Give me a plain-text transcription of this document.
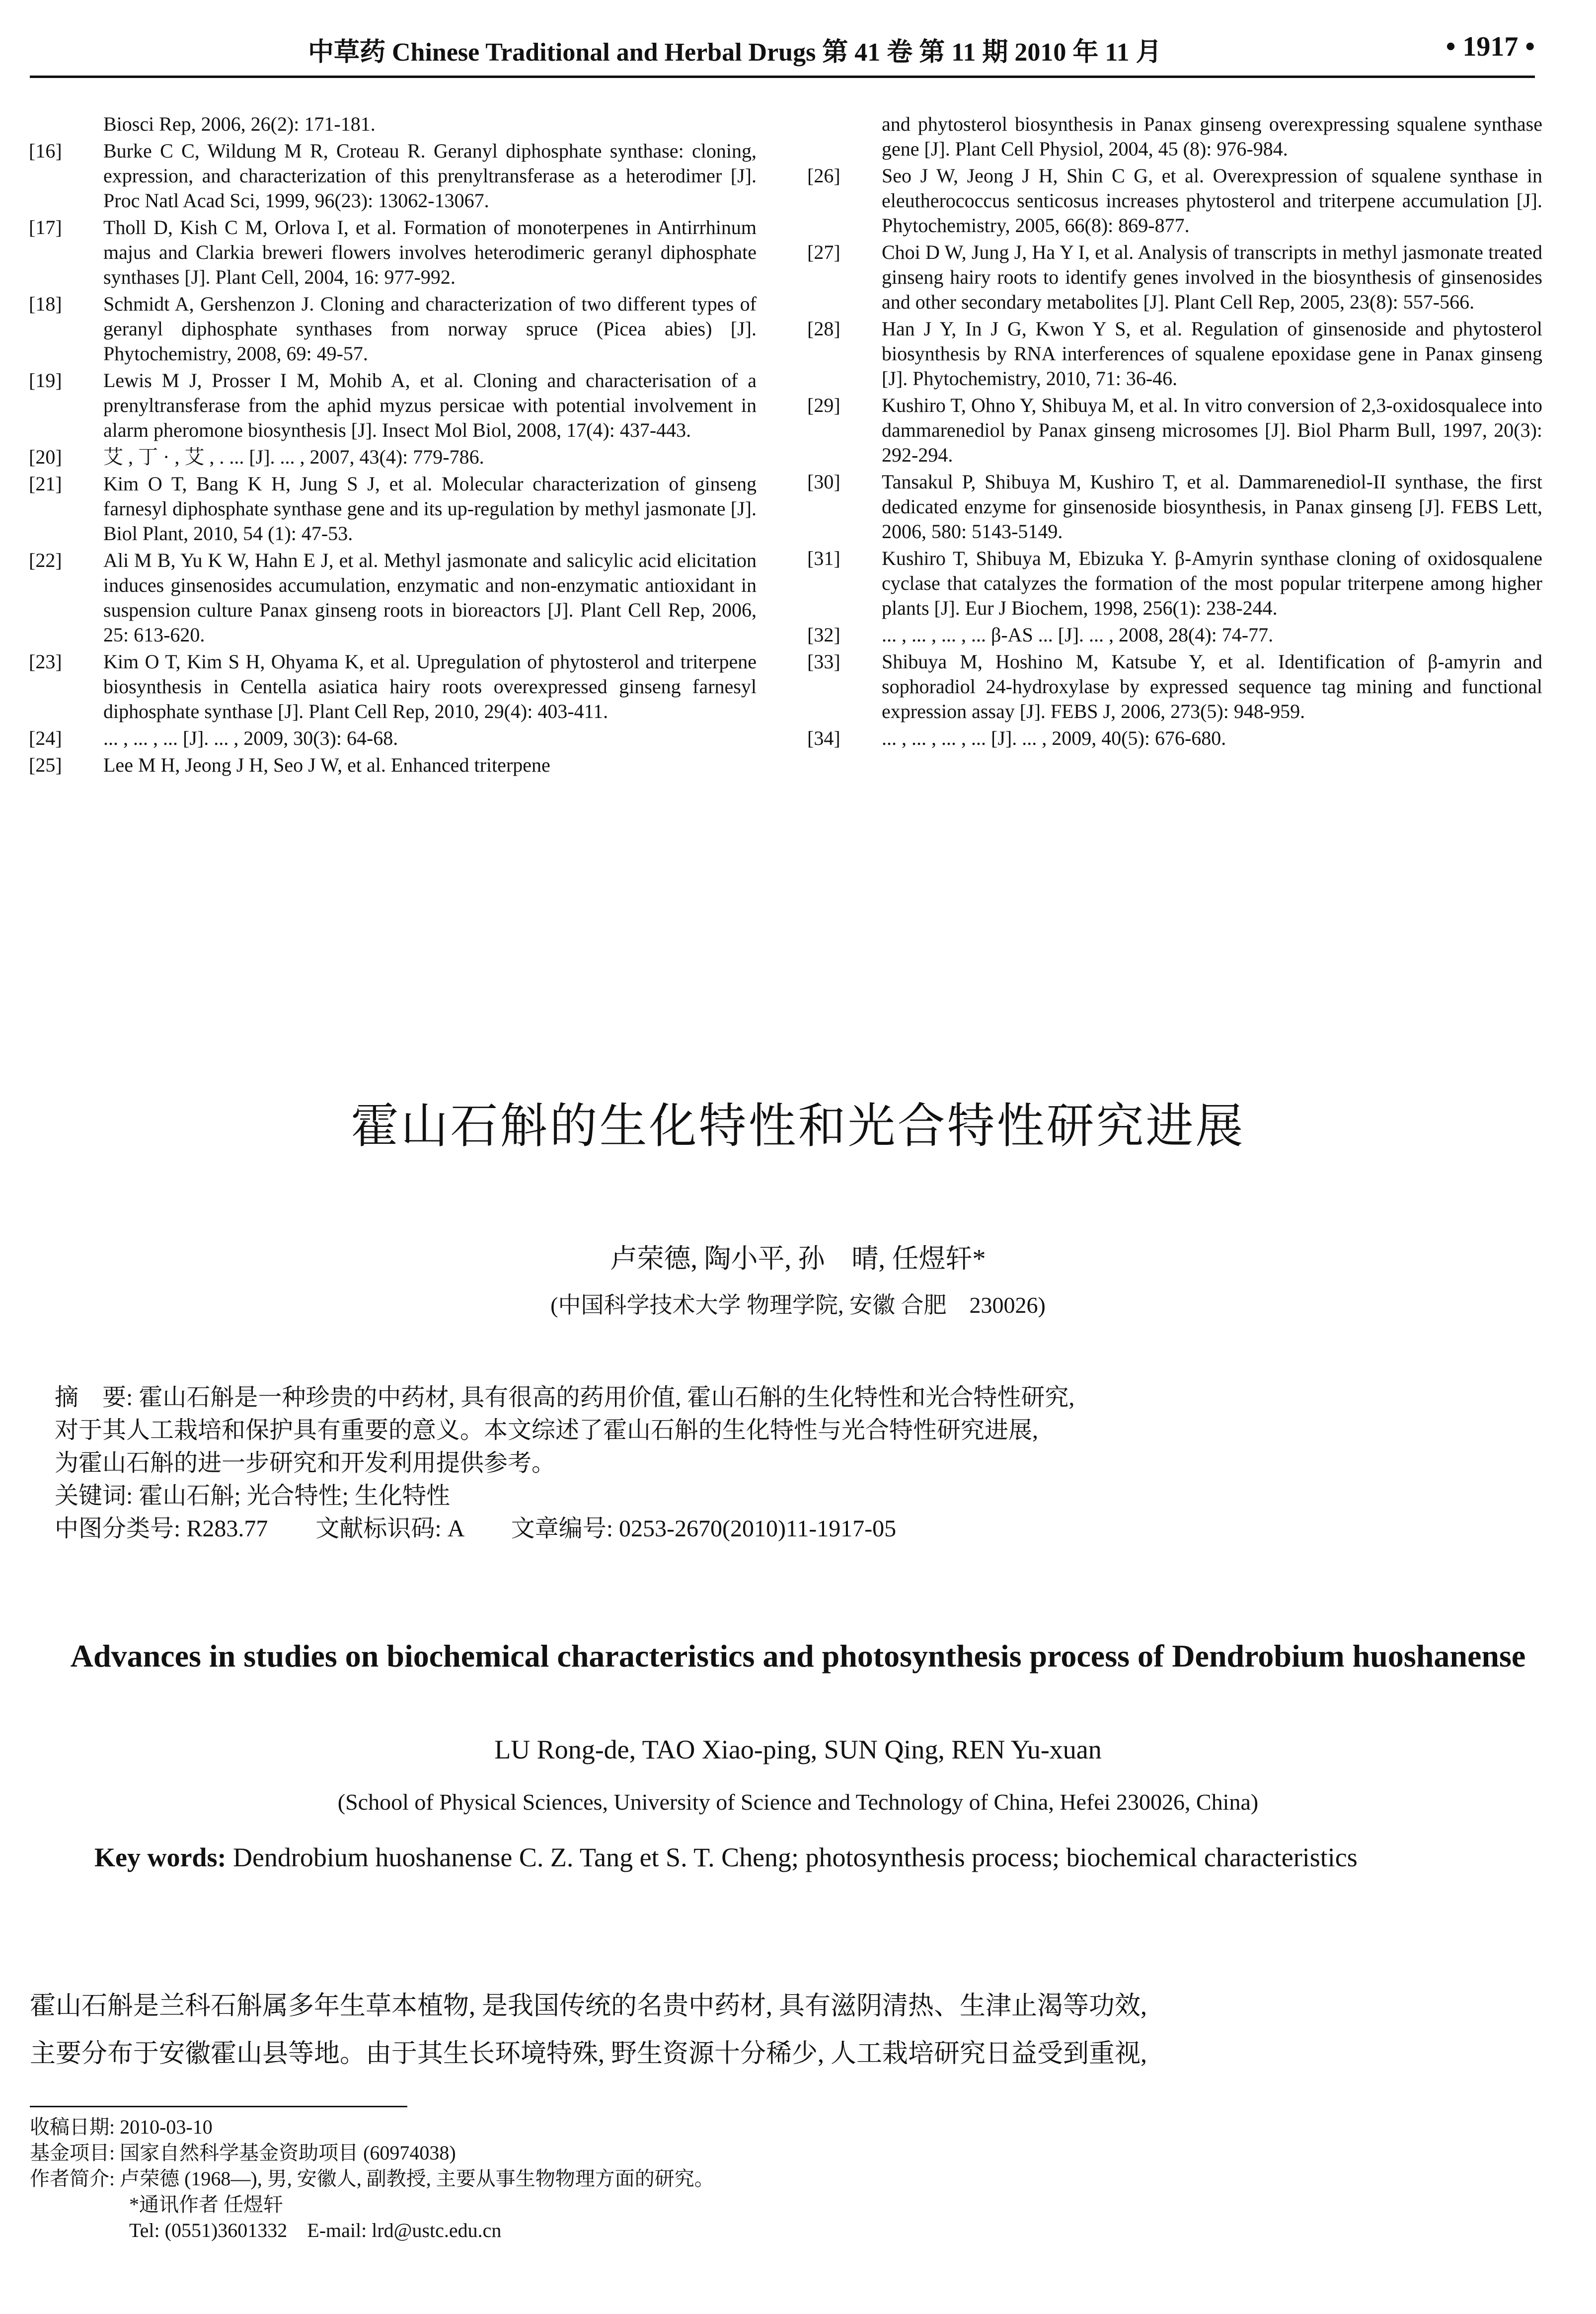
中草药 Chinese Traditional and Herbal Drugs 第 41 卷 第 11 期 2010 年 11 月	• 1917 •
Biosci Rep, 2006, 26(2): 171-181.
[16] Burke C C, Wildung M R, Croteau R. Geranyl diphosphate synthase: cloning, expression, and characterization of this prenyltransferase as a heterodimer [J]. Proc Natl Acad Sci, 1999, 96(23): 13062-13067.
[17] Tholl D, Kish C M, Orlova I, et al. Formation of monoterpenes in Antirrhinum majus and Clarkia breweri flowers involves heterodimeric geranyl diphosphate synthases [J]. Plant Cell, 2004, 16: 977-992.
[18] Schmidt A, Gershenzon J. Cloning and characterization of two different types of geranyl diphosphate synthases from norway spruce (Picea abies) [J]. Phytochemistry, 2008, 69: 49-57.
[19] Lewis M J, Prosser I M, Mohib A, et al. Cloning and characterisation of a prenyltransferase from the aphid myzus persicae with potential involvement in alarm pheromone biosynthesis [J]. Insect Mol Biol, 2008, 17(4): 437-443.
[20] 艾 , 丁 · , 艾 , . ... [J]. ... , 2007, 43(4): 779-786.
[21] Kim O T, Bang K H, Jung S J, et al. Molecular characterization of ginseng farnesyl diphosphate synthase gene and its up-regulation by methyl jasmonate [J]. Biol Plant, 2010, 54 (1): 47-53.
[22] Ali M B, Yu K W, Hahn E J, et al. Methyl jasmonate and salicylic acid elicitation induces ginsenosides accumulation, enzymatic and non-enzymatic antioxidant in suspension culture Panax ginseng roots in bioreactors [J]. Plant Cell Rep, 2006, 25: 613-620.
[23] Kim O T, Kim S H, Ohyama K, et al. Upregulation of phytosterol and triterpene biosynthesis in Centella asiatica hairy roots overexpressed ginseng farnesyl diphosphate synthase [J]. Plant Cell Rep, 2010, 29(4): 403-411.
[24] ... , ... , ... [J]. ... , 2009, 30(3): 64-68.
[25] Lee M H, Jeong J H, Seo J W, et al. Enhanced triterpene
and phytosterol biosynthesis in Panax ginseng overexpressing squalene synthase gene [J]. Plant Cell Physiol, 2004, 45 (8): 976-984.
[26] Seo J W, Jeong J H, Shin C G, et al. Overexpression of squalene synthase in eleutherococcus senticosus increases phytosterol and triterpene accumulation [J]. Phytochemistry, 2005, 66(8): 869-877.
[27] Choi D W, Jung J, Ha Y I, et al. Analysis of transcripts in methyl jasmonate treated ginseng hairy roots to identify genes involved in the biosynthesis of ginsenosides and other secondary metabolites [J]. Plant Cell Rep, 2005, 23(8): 557-566.
[28] Han J Y, In J G, Kwon Y S, et al. Regulation of ginsenoside and phytosterol biosynthesis by RNA interferences of squalene epoxidase gene in Panax ginseng [J]. Phytochemistry, 2010, 71: 36-46.
[29] Kushiro T, Ohno Y, Shibuya M, et al. In vitro conversion of 2,3-oxidosqualece into dammarenediol by Panax ginseng microsomes [J]. Biol Pharm Bull, 1997, 20(3): 292-294.
[30] Tansakul P, Shibuya M, Kushiro T, et al. Dammarenediol-II synthase, the first dedicated enzyme for ginsenoside biosynthesis, in Panax ginseng [J]. FEBS Lett, 2006, 580: 5143-5149.
[31] Kushiro T, Shibuya M, Ebizuka Y. β-Amyrin synthase cloning of oxidosqualene cyclase that catalyzes the formation of the most popular triterpene among higher plants [J]. Eur J Biochem, 1998, 256(1): 238-244.
[32] ... , ... , ... , ... β-AS ... [J]. ... , 2008, 28(4): 74-77.
[33] Shibuya M, Hoshino M, Katsube Y, et al. Identification of β-amyrin and sophoradiol 24-hydroxylase by expressed sequence tag mining and functional expression assay [J]. FEBS J, 2006, 273(5): 948-959.
[34] ... , ... , ... , ... [J]. ... , 2009, 40(5): 676-680.
霍山石斛的生化特性和光合特性研究进展
卢荣德, 陶小平, 孙　晴, 任煜轩*
(中国科学技术大学 物理学院, 安徽 合肥　230026)
摘　要: 霍山石斛是一种珍贵的中药材, 具有很高的药用价值, 霍山石斛的生化特性和光合特性研究,
对于其人工栽培和保护具有重要的意义。本文综述了霍山石斛的生化特性与光合特性研究进展,
为霍山石斛的进一步研究和开发利用提供参考。
关键词: 霍山石斛; 光合特性; 生化特性
中图分类号: R283.77　　文献标识码: A　　文章编号: 0253-2670(2010)11-1917-05
Advances in studies on biochemical characteristics and photosynthesis process of Dendrobium huoshanense
LU Rong-de, TAO Xiao-ping, SUN Qing, REN Yu-xuan
(School of Physical Sciences, University of Science and Technology of China, Hefei 230026, China)
Key words: Dendrobium huoshanense C. Z. Tang et S. T. Cheng; photosynthesis process; biochemical characteristics
霍山石斛是兰科石斛属多年生草本植物, 是我国传统的名贵中药材, 具有滋阴清热、生津止渴等功效,
主要分布于安徽霍山县等地。由于其生长环境特殊, 野生资源十分稀少, 人工栽培研究日益受到重视,
收稿日期: 2010-03-10
基金项目: 国家自然科学基金资助项目 (60974038)
作者简介: 卢荣德 (1968—), 男, 安徽人, 副教授, 主要从事生物物理方面的研究。
*通讯作者 任煜轩
Tel: (0551)3601332　E-mail: lrd@ustc.edu.cn
